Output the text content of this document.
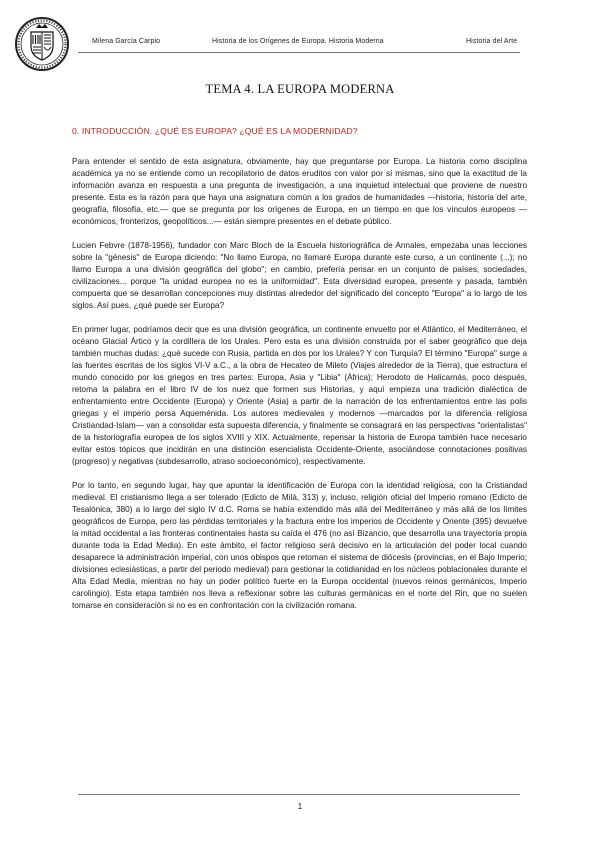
Milena García Carpio	Historia de los Orígenes de Europa. Historia Moderna	Historia del Arte
TEMA 4. LA EUROPA MODERNA
0. INTRODUCCIÓN. ¿QUÉ ES EUROPA? ¿QUÉ ES LA MODERNIDAD?

Para entender el sentido de esta asignatura, obviamente, hay que preguntarse por Europa. La historia como disciplina académica ya no se entiende como un recopilatorio de datos eruditos con valor por sí mismas, sino que la exactitud de la información avanza en respuesta a una pregunta de investigación, a una inquietud intelectual que proviene de nuestro presente. Esta es la razón para que haya una asignatura común a los grados de humanidades —historia, historia del arte, geografía, filosofía, etc.— que se pregunta por los orígenes de Europa, en un tiempo en que los vínculos europeos —económicos, fronterizos, geopolíticos...— están siempre presentes en el debate público.

Lucien Febvre (1878-1956), fundador con Marc Bloch de la Escuela historiográfica de Annales, empezaba unas lecciones sobre la "génesis" de Europa diciendo: "No llamo Europa, no llamaré Europa durante este curso, a un continente (...); no llamo Europa a una división geográfica del globo"; en cambio, prefería pensar en un conjunto de países, sociedades, civilizaciones... porque "la unidad europea no es la uniformidad". Esta diversidad europea, presente y pasada, también compuerta que se desarrollan concepciones muy distintas alrededor del significado del concepto "Europa" a lo largo de los siglos. Así pues, ¿qué puede ser Europa?

En primer lugar, podríamos decir que es una división geográfica, un continente envuelto por el Atlántico, el Mediterráneo, el océano Glacial Ártico y la cordillera de los Urales. Pero esta es una división construida por el saber geográfico que deja también muchas dudas: ¿qué sucede con Rusia, partida en dos por los Urales? Y con Turquía? El término "Europa" surge a las fuentes escritas de los siglos VI-V a.C., a la obra de Hecateo de Mileto (Viajes alrededor de la Tierra), que estructura el mundo conocido por los griegos en tres partes: Europa, Asia y "Libia" (África); Herodoto de Halicarnás, poco después, retoma la palabra en el libro IV de los nuez que formen sus Historias, y aquí empieza una tradición dialéctica de enfrentamiento entre Occidente (Europa) y Oriente (Asia) a partir de la narración de los enfrentamientos entre las polis griegas y el imperio persa Aqueménida. Los autores medievales y modernos —marcados por la diferencia religiosa Cristiandad-Islam— van a consolidar esta supuesta diferencia, y finalmente se consagrará en las perspectivas "orientalistas" de la historiografía europea de los siglos XVIII y XIX. Actualmente, repensar la historia de Europa también hace necesario evitar estos tópicos que incidirán en una distinción esencialista Occidente-Oriente, asociándose connotaciones positivas (progreso) y negativas (subdesarrollo, atraso socioeconómico), respectivamente.

Por lo tanto, en segundo lugar, hay que apuntar la identificación de Europa con la identidad religiosa, con la Cristiandad medieval. El cristianismo llega a ser tolerado (Edicto de Milà, 313) y, incluso, religión oficial del Imperio romano (Edicto de Tesalónica, 380) a lo largo del siglo IV d.C. Roma se había extendido más allá del Mediterráneo y más allá de los límites geográficos de Europa, pero las pérdidas territoriales y la fractura entre los imperios de Occidente y Oriente (395) devuelve la mitad occidental a las fronteras continentales hasta su caída el 476 (no así Bizancio, que desarrolla una trayectoria propia durante toda la Edad Media). En este ámbito, el factor religioso será decisivo en la articulación del poder local cuando desaparece la administración imperial, con unos obispos que retoman el sistema de diócesis (provincias, en el Bajo Imperio; divisiones eclesiásticas, a partir del periodo medieval) para gestionar la cotidianidad en los núcleos poblacionales durante el Alta Edad Media, mientras no hay un poder político fuerte en la Europa occidental (nuevos reinos germánicos, Imperio carolingio). Esta etapa también nos lleva a reflexionar sobre las culturas germánicas en el norte del Rin, que no suelen tomarse en consideración si no es en confrontación con la civilización romana.

1
